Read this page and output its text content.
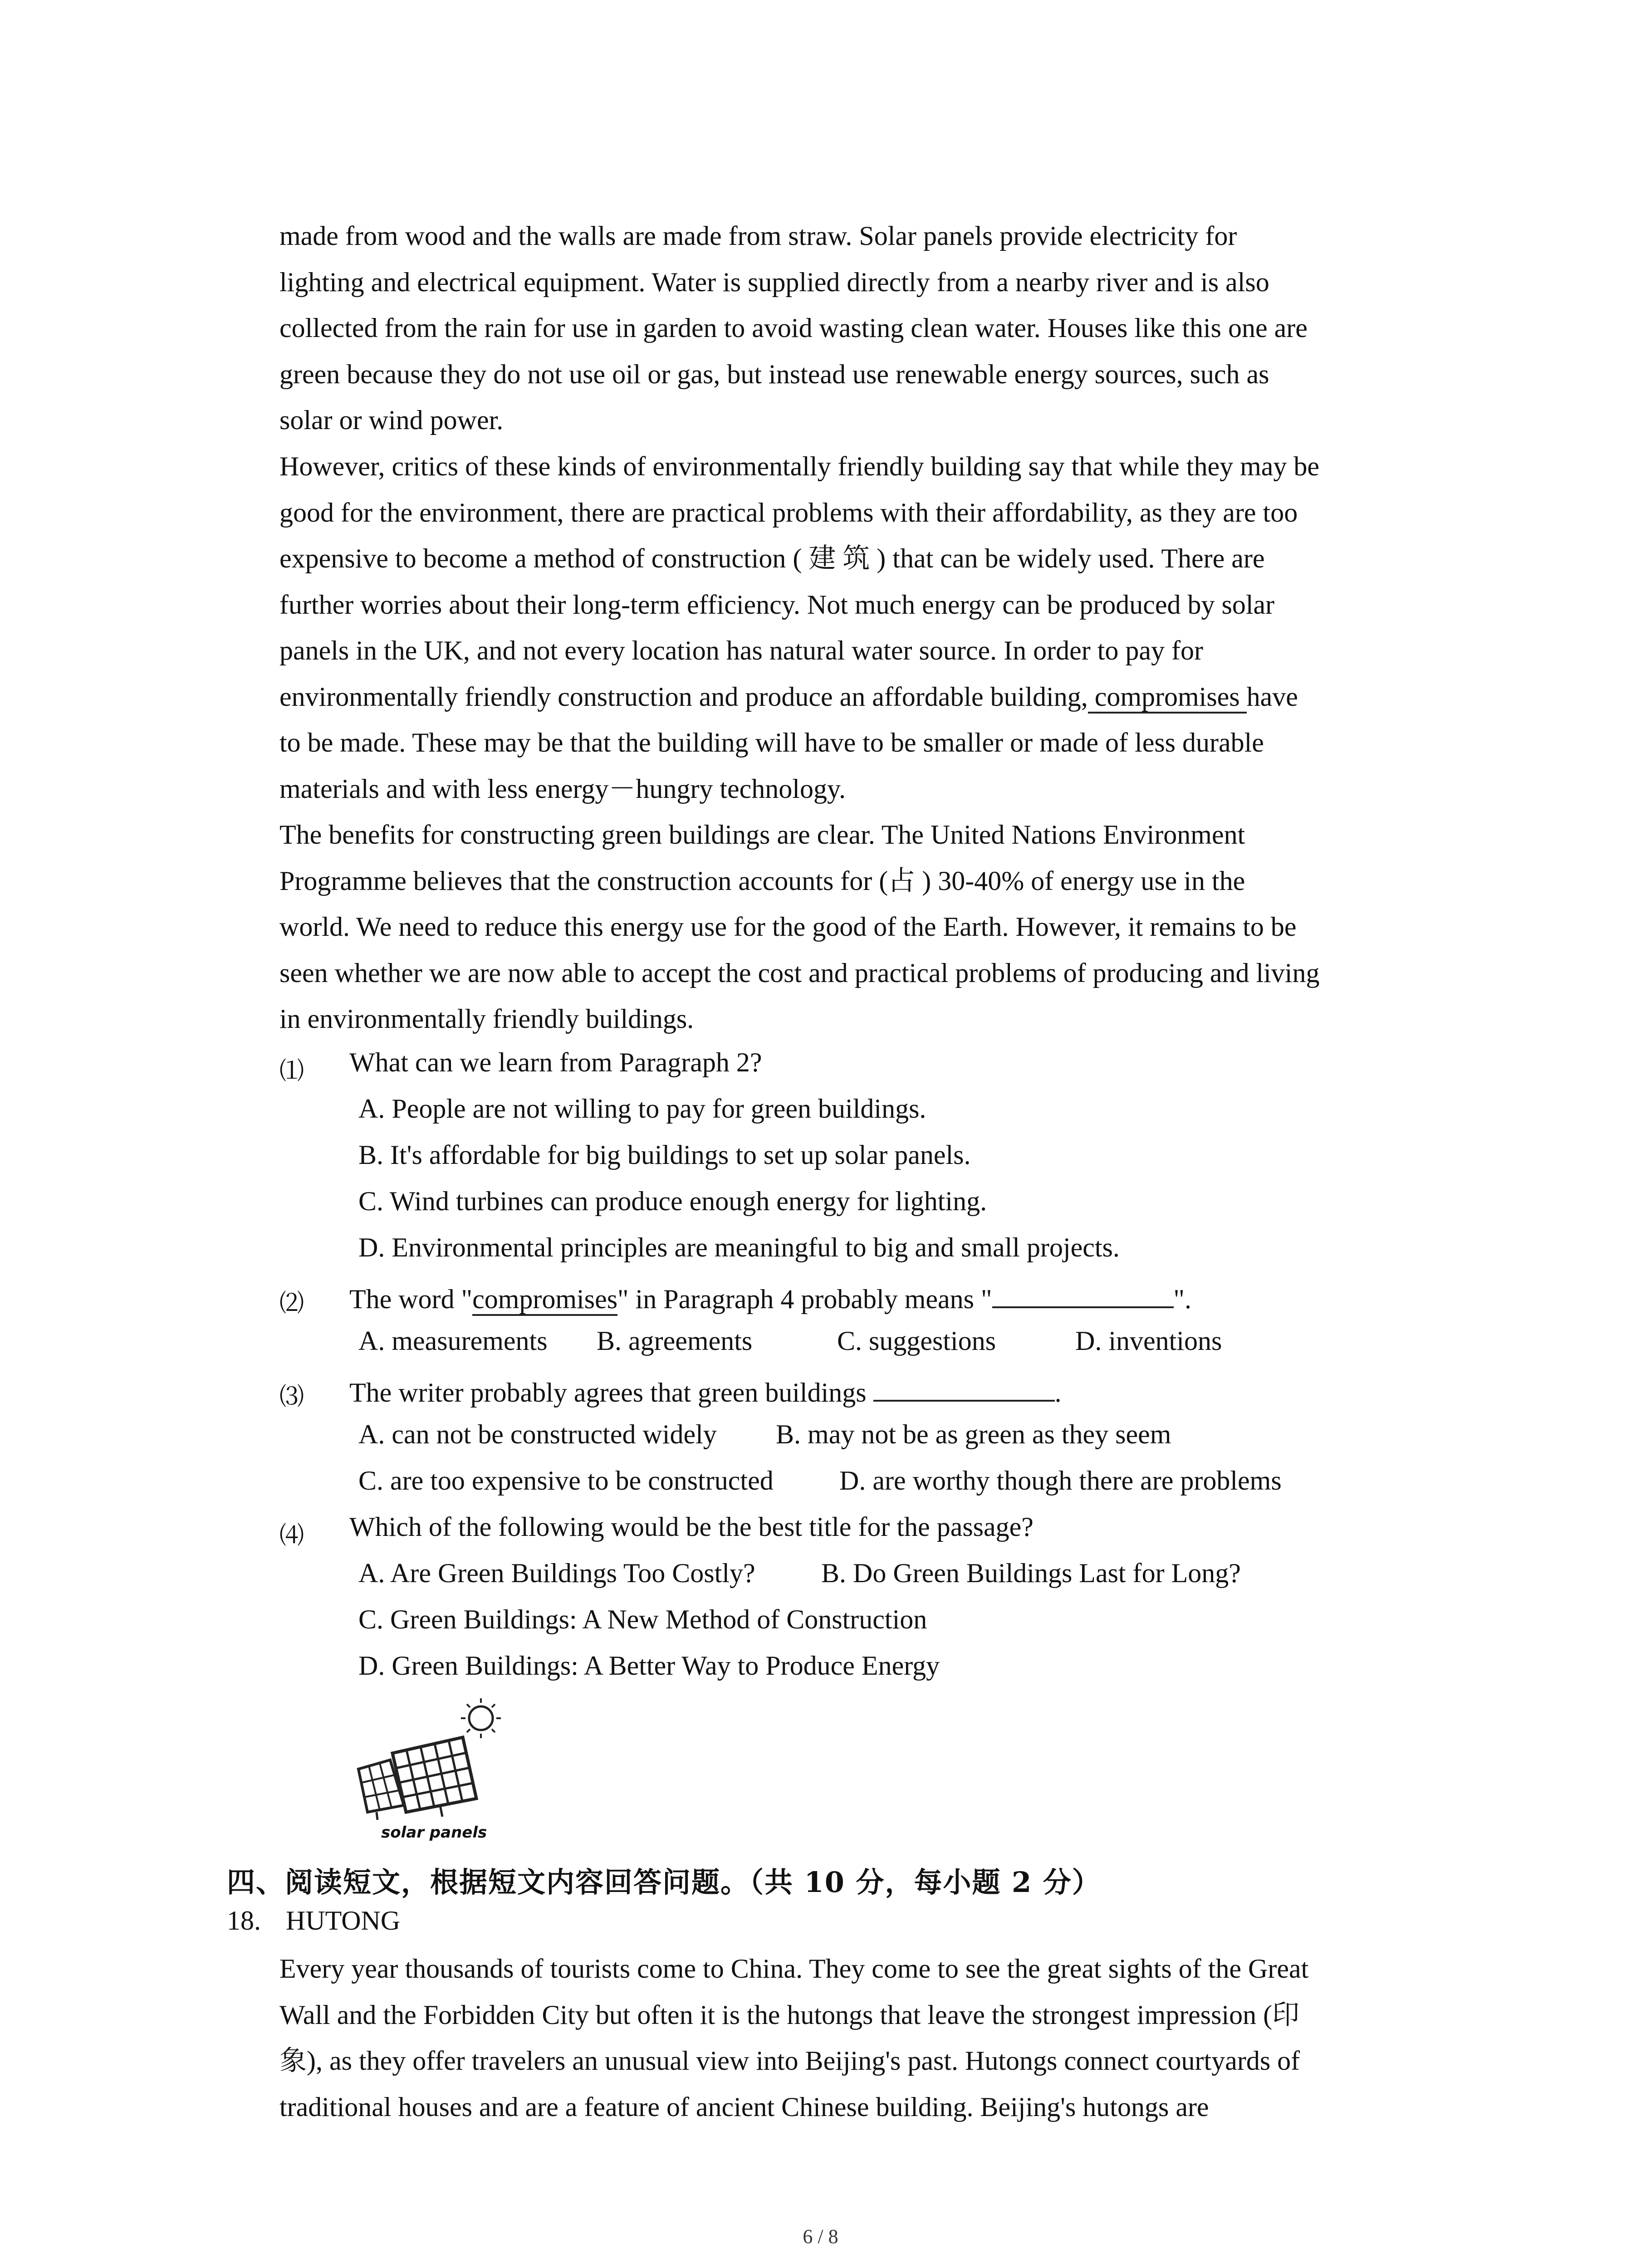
made from wood and the walls are made from straw. Solar panels provide electricity for
lighting and electrical equipment. Water is supplied directly from a nearby river and is also
collected from the rain for use in garden to avoid wasting clean water. Houses like this one are
green because they do not use oil or gas, but instead use renewable energy sources, such as
solar or wind power.
However, critics of these kinds of environmentally friendly building say that while they may be
good for the environment, there are practical problems with their affordability, as they are too
expensive to become a method of construction ( 建 筑 ) that can be widely used. There are
further worries about their long-term efficiency. Not much energy can be produced by solar
panels in the UK, and not every location has natural water source. In order to pay for
environmentally friendly construction and produce an affordable building, compromises have
to be made. These may be that the building will have to be smaller or made of less durable
materials and with less energy－hungry technology.
The benefits for constructing green buildings are clear. The United Nations Environment
Programme believes that the construction accounts for (占 ) 30-40% of energy use in the
world. We need to reduce this energy use for the good of the Earth. However, it remains to be
seen whether we are now able to accept the cost and practical problems of producing and living
in environmentally friendly buildings.
⑴ What can we learn from Paragraph 2?
A. People are not willing to pay for green buildings.
B. It's affordable for big buildings to set up solar panels.
C. Wind turbines can produce enough energy for lighting.
D. Environmental principles are meaningful to big and small projects.
⑵ The word "compromises" in Paragraph 4 probably means "	".
A. measurements B. agreements	C. suggestions	D. inventions
⑶ The writer probably agrees that green buildings	.
A. can not be constructed widely B. may not be as green as they seem
C. are too expensive to be constructed D. are worthy though there are problems
⑷ Which of the following would be the best title for the passage?
A. Are Green Buildings Too Costly? B. Do Green Buildings Last for Long?
C. Green Buildings: A New Method of Construction
D. Green Buildings: A Better Way to Produce Energy
solar panels
四、阅读短文，根据短文内容回答问题。（共 10 分，每小题 2 分）
18. HUTONG
Every year thousands of tourists come to China. They come to see the great sights of the Great
Wall and the Forbidden City but often it is the hutongs that leave the strongest impression (印
象), as they offer travelers an unusual view into Beijing's past. Hutongs connect courtyards of
traditional houses and are a feature of ancient Chinese building. Beijing's hutongs are
6 / 8
